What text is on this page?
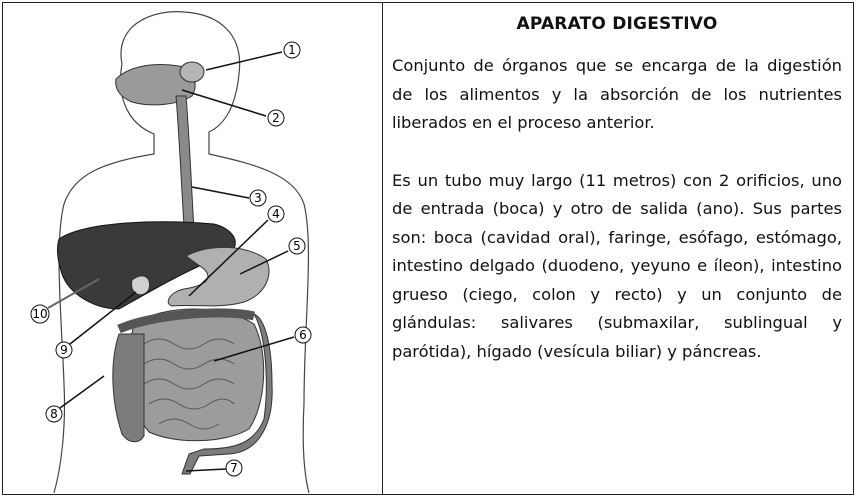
1
2
3
4
5
6
7
8
9
10
APARATO DIGESTIVO

Conjunto de órganos que se encarga de la digestión de los alimentos y la absorción de los nutrientes liberados en el proceso anterior.

Es un tubo muy largo (11 metros) con 2 orificios, uno de entrada (boca) y otro de salida (ano). Sus partes son: boca (cavidad oral), faringe, esófago, estómago, intestino delgado (duodeno, yeyuno e íleon), intestino grueso (ciego, colon y recto) y un conjunto de glándulas: salivares (submaxilar, sublingual y parótida), hígado (vesícula biliar) y páncreas.
